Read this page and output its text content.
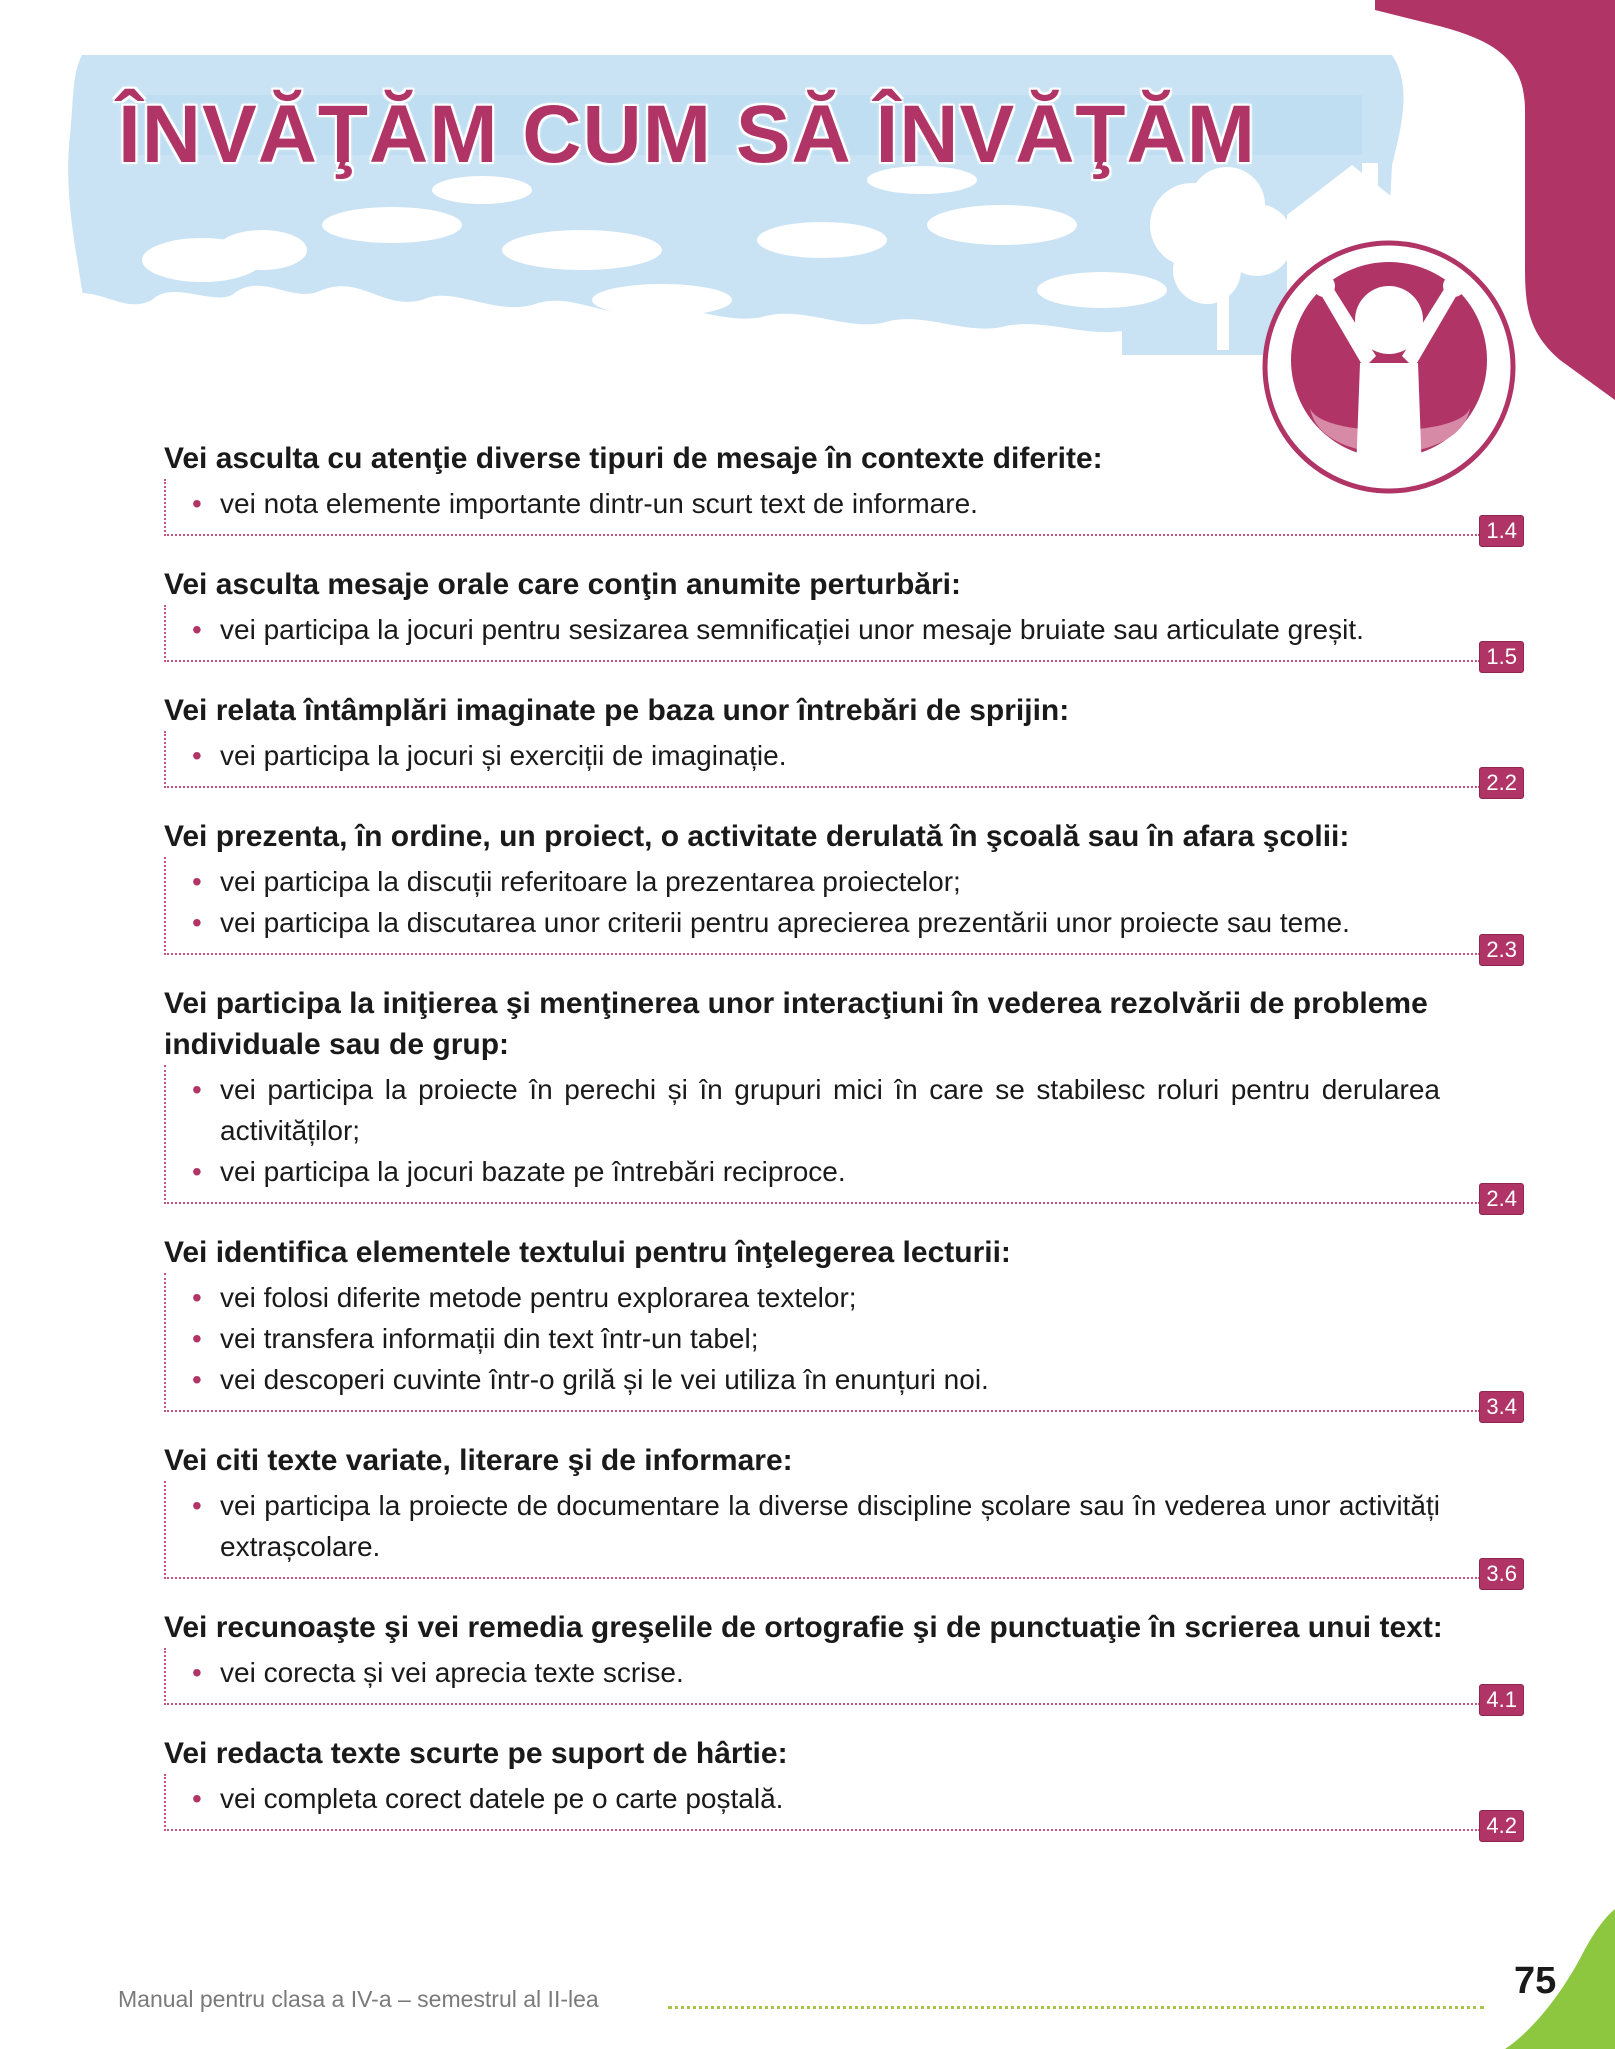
ÎNVĂŢĂM CUM SĂ ÎNVĂŢĂM
Vei asculta cu atenţie diverse tipuri de mesaje în contexte diferite:
• vei nota elemente importante dintr-un scurt text de informare.
1.4
Vei asculta mesaje orale care conţin anumite perturbări:
• vei participa la jocuri pentru sesizarea semnificației unor mesaje bruiate sau articulate greșit.
1.5
Vei relata întâmplări imaginate pe baza unor întrebări de sprijin:
• vei participa la jocuri și exerciții de imaginație.
2.2
Vei prezenta, în ordine, un proiect, o activitate derulată în şcoală sau în afara şcolii:
• vei participa la discuții referitoare la prezentarea proiectelor;
• vei participa la discutarea unor criterii pentru aprecierea prezentării unor proiecte sau teme.
2.3
Vei participa la iniţierea şi menţinerea unor interacţiuni în vederea rezolvării de probleme individuale sau de grup:
• vei participa la proiecte în perechi și în grupuri mici în care se stabilesc roluri pentru derularea activităților;
• vei participa la jocuri bazate pe întrebări reciproce.
2.4
Vei identifica elementele textului pentru înţelegerea lecturii:
• vei folosi diferite metode pentru explorarea textelor;
• vei transfera informații din text într-un tabel;
• vei descoperi cuvinte într-o grilă și le vei utiliza în enunțuri noi.
3.4
Vei citi texte variate, literare şi de informare:
• vei participa la proiecte de documentare la diverse discipline școlare sau în vederea unor activități extrașcolare.
3.6
Vei recunoaşte şi vei remedia greşelile de ortografie şi de punctuaţie în scrierea unui text:
• vei corecta și vei aprecia texte scrise.
4.1
Vei redacta texte scurte pe suport de hârtie:
• vei completa corect datele pe o carte poștală.
4.2
Manual pentru clasa a IV-a – semestrul al II-lea	75
